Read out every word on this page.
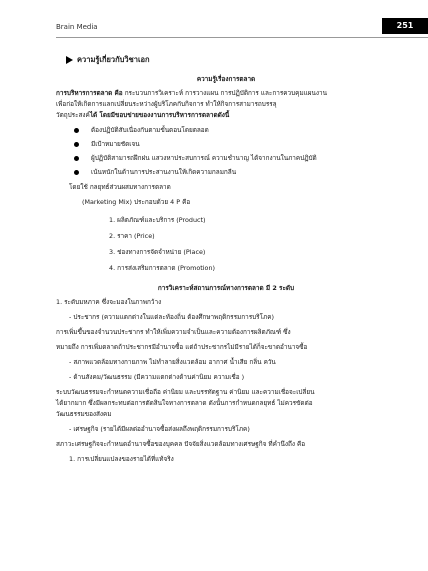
Brain Media	251
ความรู้เกี่ยวกับวิชาเอก
ความรู้เรื่องการตลาด

การบริหารการตลาด คือ กระบวนการวิเคราะห์ การวางแผน การปฏิบัติการ และการควบคุมแผนงาน

เพื่อก่อให้เกิดการแลกเปลี่ยนระหว่างผู้บริโภคกับกิจการ ทำให้กิจการสามารถบรรลุ

วัตถุประสงค์ได้ โดยมีขอบข่ายของงานการบริหารการตลาดดังนี้

ต้องปฏิบัติสับเนื่องกันตามขั้นตอนโดยตลอด
มีเป้าหมายชัดเจน
ผู้ปฏิบัติสามารถฝึกฝน แสวงหาประสบการณ์ ความชำนาญ ได้จากงานในภาคปฏิบัติ
เน้นหนักในด้านการประสานงานให้เกิดความกลมกลืน

โดยใช้ กลยุทธ์ส่วนผสมทางการตลาด

(Marketing Mix) ประกอบด้วย 4 P คือ

1. ผลิตภัณฑ์และบริการ (Product)

2. ราคา (Price)

3. ช่องทางการจัดจำหน่าย (Place)

4. การส่งเสริมการตลาด (Promotion)

การวิเคราะห์สถานการณ์ทางการตลาด มี 2 ระดับ

1. ระดับมหภาค ซึ่งจะมองในภาพกว้าง

- ประชากร (ความแตกต่างในแต่ละท้องถิ่น ต้องศึกษาพฤติกรรมการบริโภค)

การเพิ่มขึ้นของจำนวนประชากร ทำให้เพิ่มความจำเป็นและความต้องการผลิตภัณฑ์ ซึ่ง

หมายถึง การเพิ่มตลาดถ้าประชากรมีอำนาจซื้อ แต่ถ้าประชากรไม่มีรายได้ก็จะขาดอำนาจซื้อ

- สภาพแวดล้อมทางกายภาพ ไม่ทำลายสิ่งแวดล้อม อากาศ น้ำเสีย กลิ่น ควัน

- ด้านสังคม/วัฒนธรรม (มีความแตกต่างด้านค่านิยม ความเชื่อ )

ระบบวัฒนธรรมจะกำหนดความเชื่อถือ ค่านิยม และบรรทัดฐาน ค่านิยม และความเชื่อจะเปลี่ยน

ได้ยากมาก ซึ่งมีผลกระทบต่อการตัดสินใจทางการตลาด ดังนั้นการกำหนดกลยุทธ์ ไม่ควรขัดต่อ

วัฒนธรรมของสังคม

- เศรษฐกิจ (รายได้มีผลต่ออำนาจซื้อส่งผลถึงพฤติกรรมการบริโภค)

สภาวะเศรษฐกิจจะกำหนดอำนาจซื้อของบุคคล ปัจจัยสิ่งแวดล้อมทางเศรษฐกิจ ที่คำนึงถึง คือ

1. การเปลี่ยนแปลงของรายได้ที่แท้จริง
